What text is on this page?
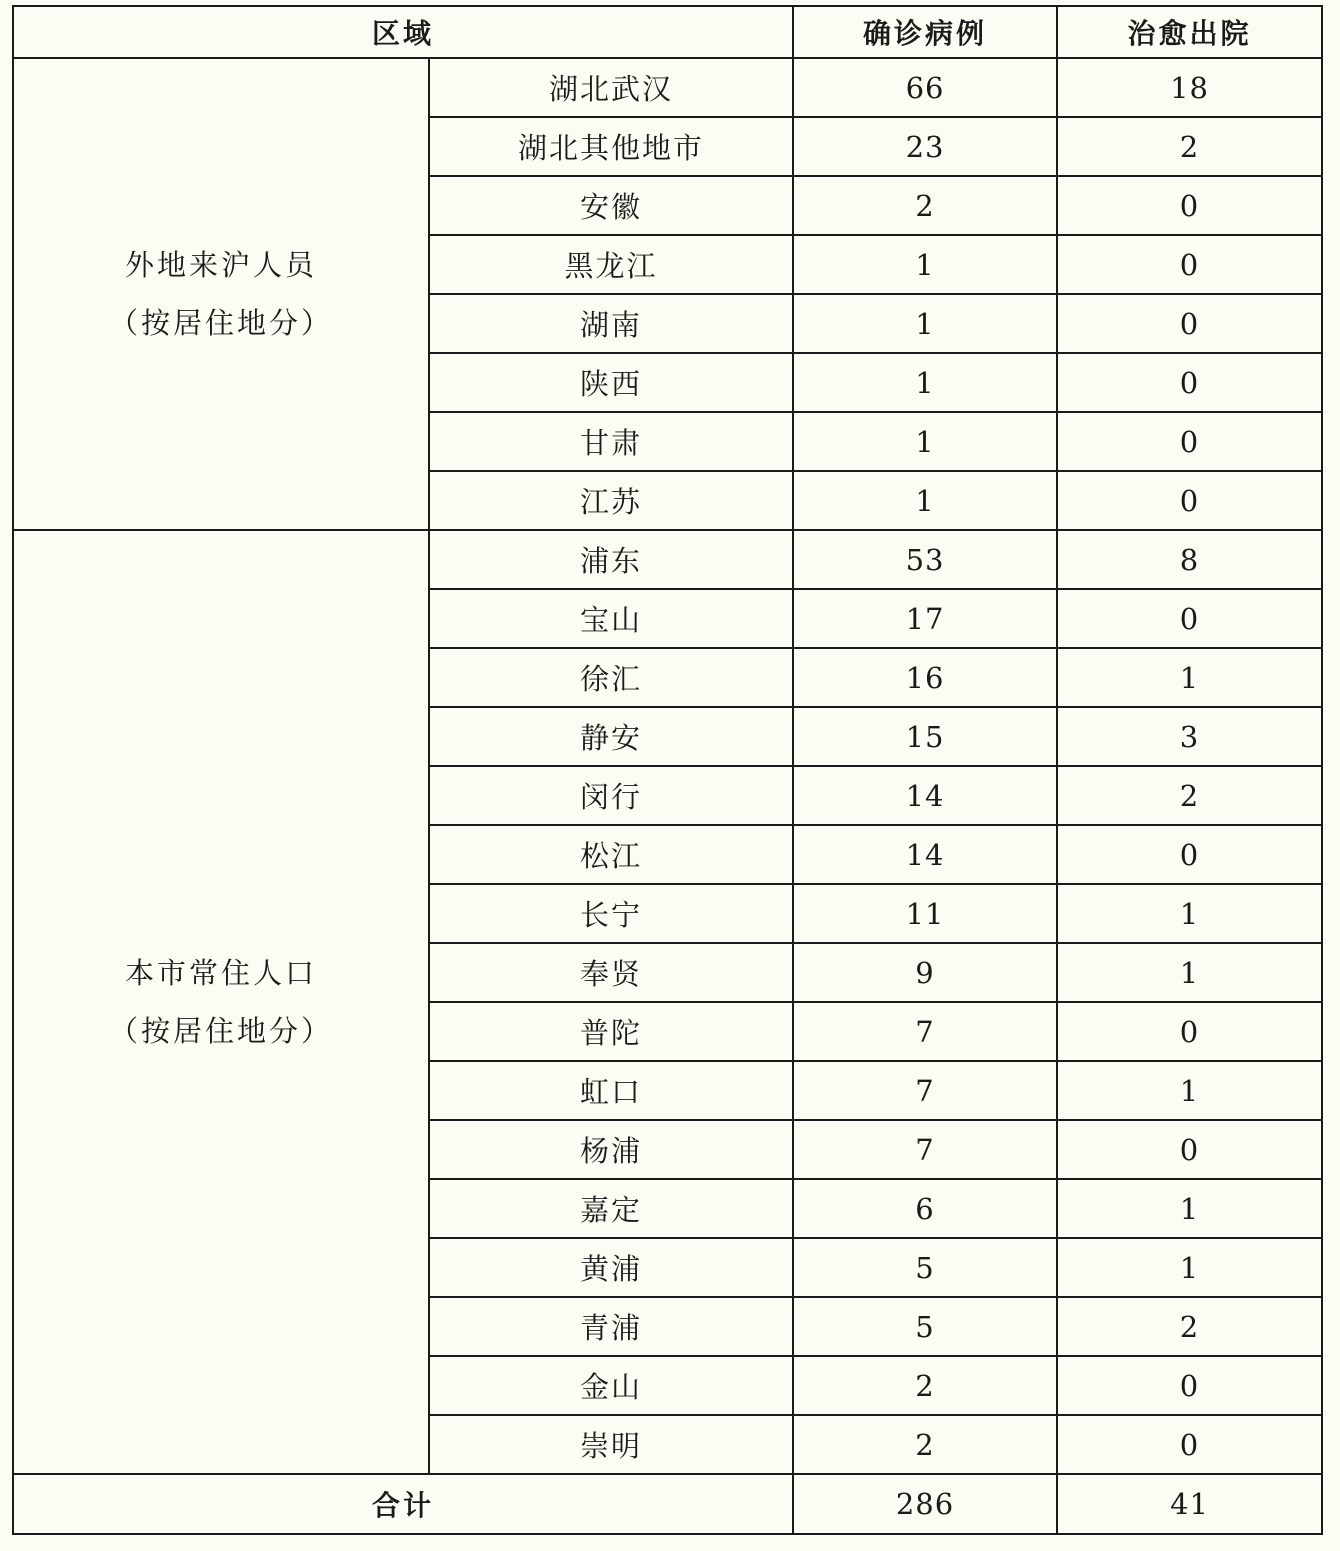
区域		确诊病例	治愈出院

外地来沪人员
（按居住地分）	湖北武汉	66	18
	湖北其他地市	23	2
	安徽	2	0
	黑龙江	1	0
	湖南	1	0
	陕西	1	0
	甘肃	1	0
	江苏	1	0

本市常住人口
（按居住地分）	浦东	53	8
	宝山	17	0
	徐汇	16	1
	静安	15	3
	闵行	14	2
	松江	14	0
	长宁	11	1
	奉贤	9	1
	普陀	7	0
	虹口	7	1
	杨浦	7	0
	嘉定	6	1
	黄浦	5	1
	青浦	5	2
	金山	2	0
	崇明	2	0
合计		286	41
